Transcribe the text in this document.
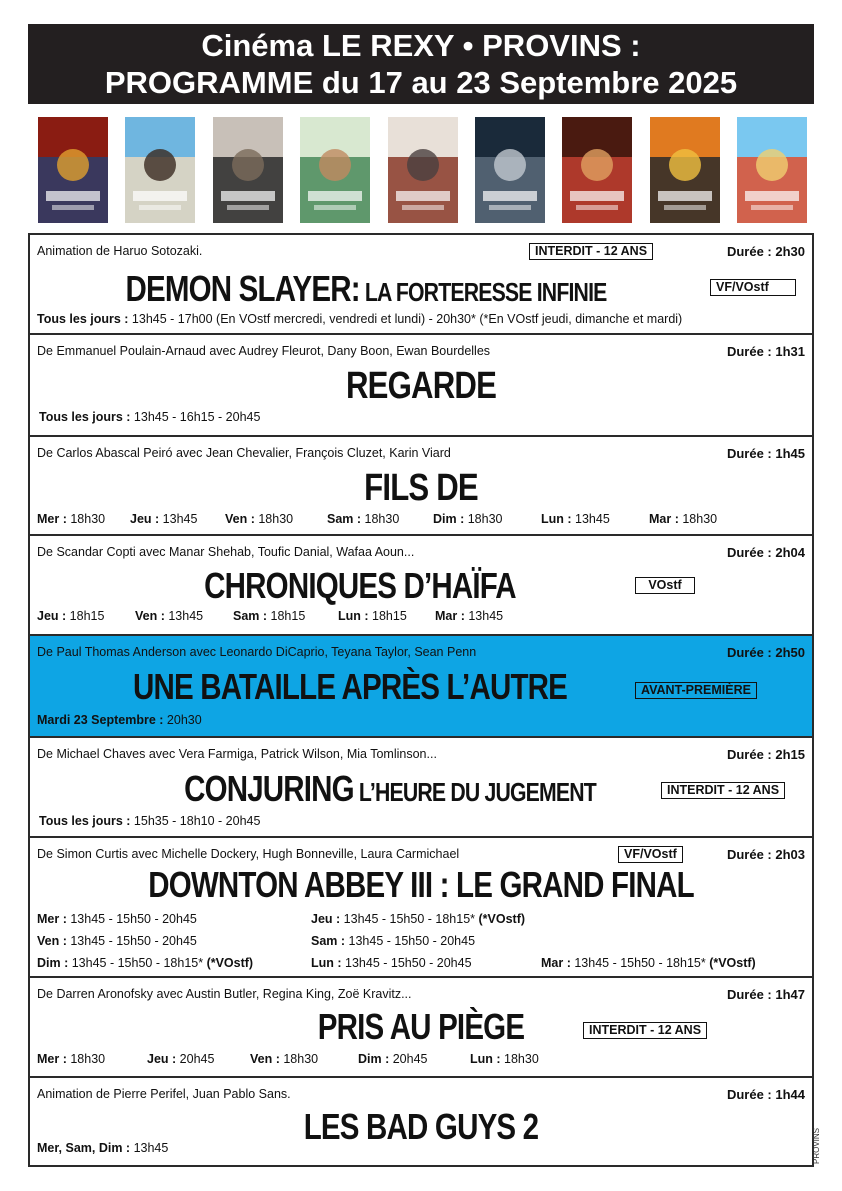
Cinéma LE REXY • PROVINS :
PROGRAMME du 17 au 23 Septembre 2025
Animation de Haruo Sotozaki.	INTERDIT - 12 ANS	Durée : 2h30
DEMON SLAYER: LA FORTERESSE INFINIE	VF/VOstf
Tous les jours : 13h45 - 17h00 (En VOstf mercredi, vendredi et lundi) - 20h30* (*En VOstf jeudi, dimanche et mardi)
De Emmanuel Poulain-Arnaud avec Audrey Fleurot, Dany Boon, Ewan Bourdelles	Durée : 1h31
REGARDE
Tous les jours : 13h45 - 16h15 - 20h45
De Carlos Abascal Peiró avec Jean Chevalier, François Cluzet, Karin Viard	Durée : 1h45
FILS DE
Mer : 18h30 Jeu : 13h45 Ven : 18h30	Sam : 18h30	Dim : 18h30	Lun : 13h45	Mar : 18h30
De Scandar Copti avec Manar Shehab, Toufic Danial, Wafaa Aoun...	Durée : 2h04
CHRONIQUES D’HAÏFA	VOstf
Jeu : 18h15 Ven : 13h45 Sam : 18h15	Lun : 18h15 Mar : 13h45
De Paul Thomas Anderson avec Leonardo DiCaprio, Teyana Taylor, Sean Penn	Durée : 2h50
UNE BATAILLE APRÈS L’AUTRE	AVANT-PREMIÈRE
Mardi 23 Septembre : 20h30
De Michael Chaves avec Vera Farmiga, Patrick Wilson, Mia Tomlinson...	Durée : 2h15
CONJURING L’HEURE DU JUGEMENT	INTERDIT - 12 ANS
Tous les jours : 15h35 - 18h10 - 20h45
De Simon Curtis avec Michelle Dockery, Hugh Bonneville, Laura Carmichael	VF/VOstf	Durée : 2h03
DOWNTON ABBEY III : LE GRAND FINAL
Mer : 13h45 - 15h50 - 20h45	Jeu : 13h45 - 15h50 - 18h15* (*VOstf)
Ven : 13h45 - 15h50 - 20h45	Sam : 13h45 - 15h50 - 20h45
Dim : 13h45 - 15h50 - 18h15* (*VOstf)	Lun : 13h45 - 15h50 - 20h45	Mar : 13h45 - 15h50 - 18h15* (*VOstf)
De Darren Aronofsky avec Austin Butler, Regina King, Zoë Kravitz...	Durée : 1h47
PRIS AU PIÈGE	INTERDIT - 12 ANS
Mer : 18h30	Jeu : 20h45	Ven : 18h30	Dim : 20h45	Lun : 18h30
Animation de Pierre Perifel, Juan Pablo Sans.	Durée : 1h44
LES BAD GUYS 2
Mer, Sam, Dim : 13h45	PROVINS
